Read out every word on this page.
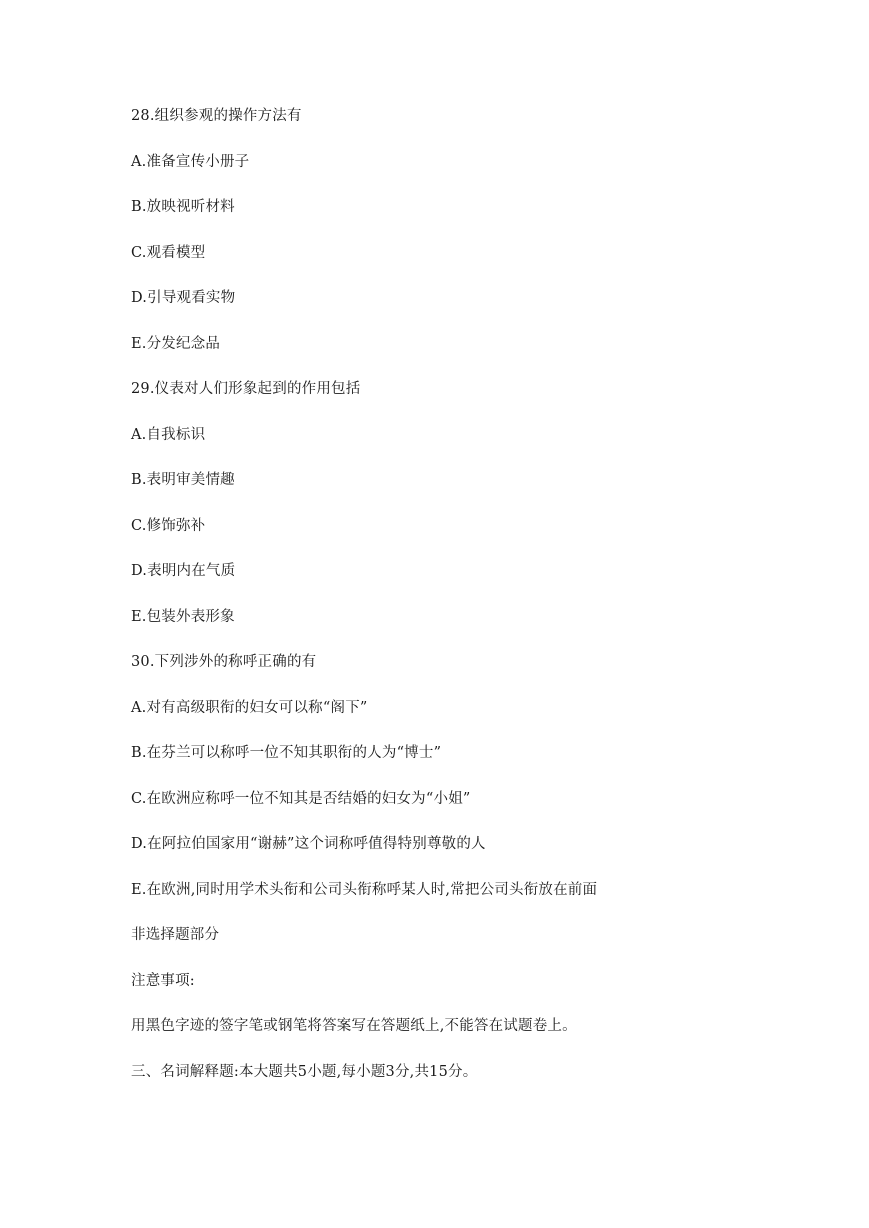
28.组织参观的操作方法有
A.准备宣传小册子
B.放映视听材料
C.观看模型
D.引导观看实物
E.分发纪念品
29.仪表对人们形象起到的作用包括
A.自我标识
B.表明审美情趣
C.修饰弥补
D.表明内在气质
E.包装外表形象
30.下列涉外的称呼正确的有
A.对有高级职衔的妇女可以称“阁下”
B.在芬兰可以称呼一位不知其职衔的人为“博士”
C.在欧洲应称呼一位不知其是否结婚的妇女为“小姐”
D.在阿拉伯国家用“谢赫”这个词称呼值得特别尊敬的人
E.在欧洲,同时用学术头衔和公司头衔称呼某人时,常把公司头衔放在前面
非选择题部分
注意事项:
用黑色字迹的签字笔或钢笔将答案写在答题纸上,不能答在试题卷上。
三、名词解释题:本大题共5小题,每小题3分,共15分。
